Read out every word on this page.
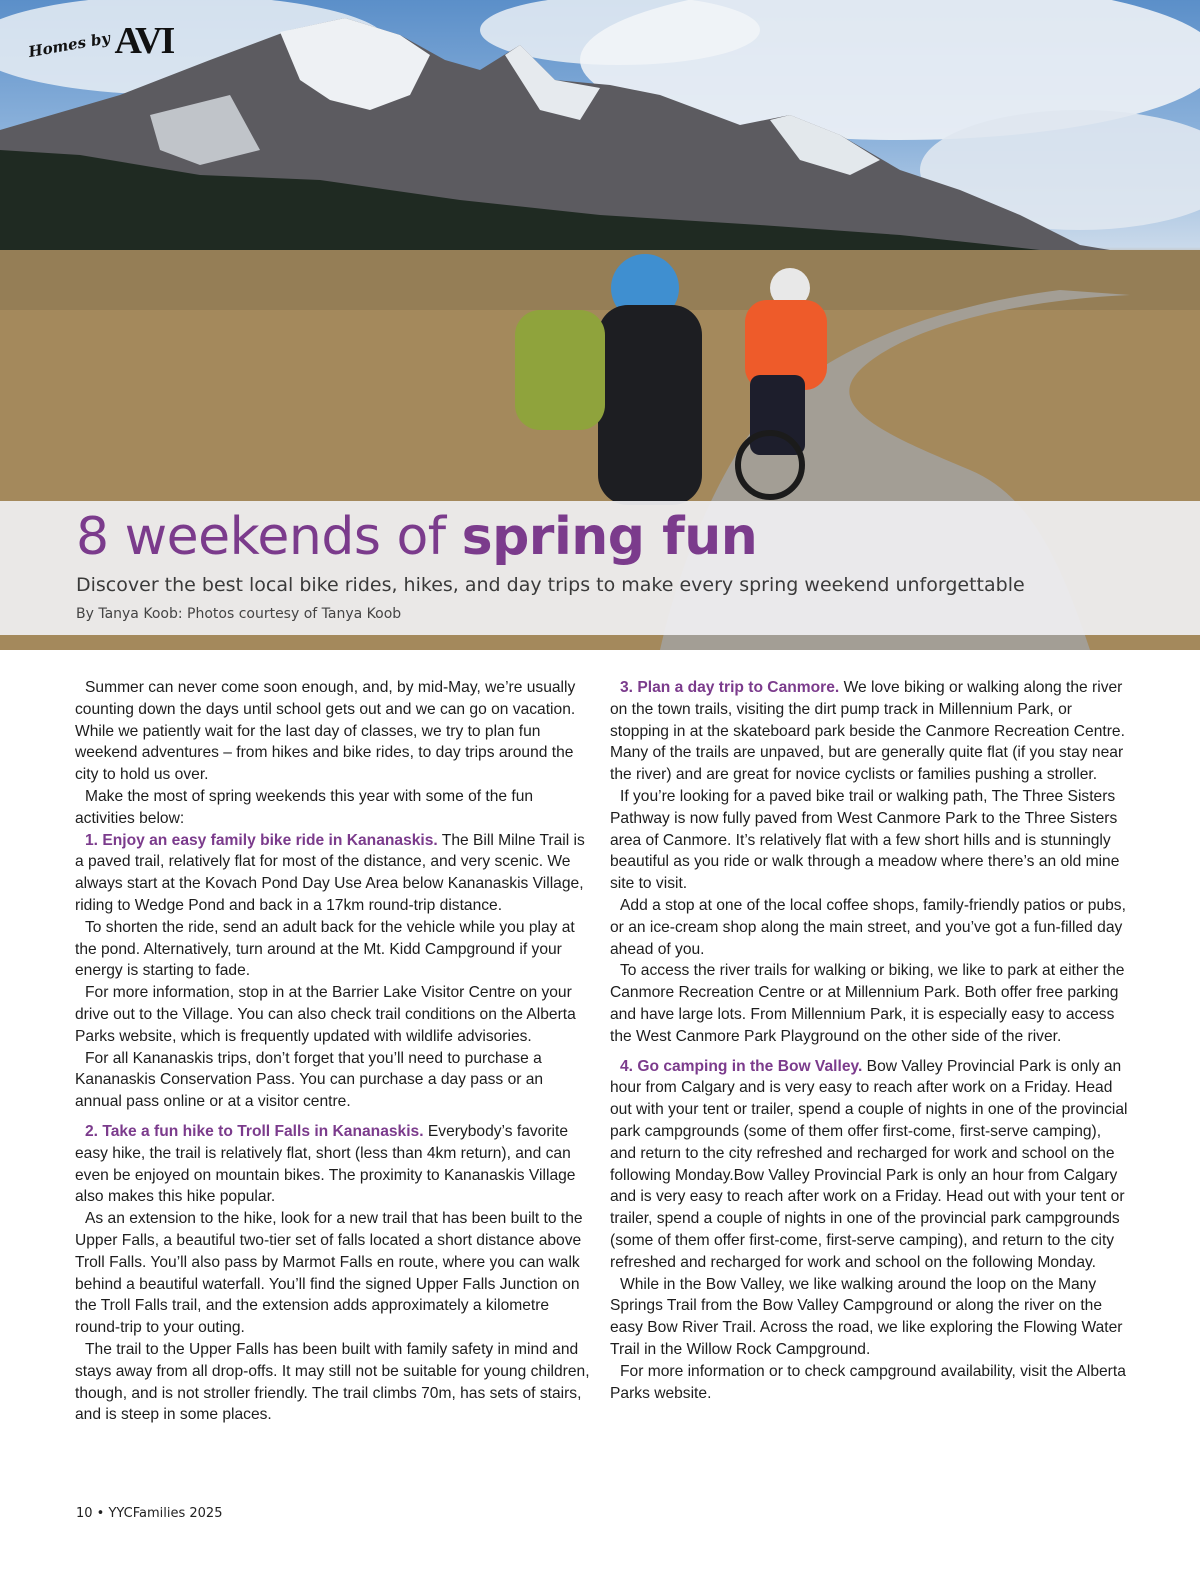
Homes by AVI
8 weekends of spring fun

Discover the best local bike rides, hikes, and day trips to make every spring weekend unforgettable

By Tanya Koob: Photos courtesy of Tanya Koob

Summer can never come soon enough, and, by mid-May, we’re usually counting down the days until school gets out and we can go on vacation. While we patiently wait for the last day of classes, we try to plan fun weekend adventures – from hikes and bike rides, to day trips around the city to hold us over.

Make the most of spring weekends this year with some of the fun activities below:

1. Enjoy an easy family bike ride in Kananaskis. The Bill Milne Trail is a paved trail, relatively flat for most of the distance, and very scenic. We always start at the Kovach Pond Day Use Area below Kananaskis Village, riding to Wedge Pond and back in a 17km round-trip distance.

To shorten the ride, send an adult back for the vehicle while you play at the pond. Alternatively, turn around at the Mt. Kidd Campground if your energy is starting to fade.

For more information, stop in at the Barrier Lake Visitor Centre on your drive out to the Village. You can also check trail conditions on the Alberta Parks website, which is frequently updated with wildlife advisories.

For all Kananaskis trips, don’t forget that you’ll need to purchase a Kananaskis Conservation Pass. You can purchase a day pass or an annual pass online or at a visitor centre.

2. Take a fun hike to Troll Falls in Kananaskis. Everybody’s favorite easy hike, the trail is relatively flat, short (less than 4km return), and can even be enjoyed on mountain bikes. The proximity to Kananaskis Village also makes this hike popular.

As an extension to the hike, look for a new trail that has been built to the Upper Falls, a beautiful two-tier set of falls located a short distance above Troll Falls. You’ll also pass by Marmot Falls en route, where you can walk behind a beautiful waterfall. You’ll find the signed Upper Falls Junction on the Troll Falls trail, and the extension adds approximately a kilometre round-trip to your outing.

The trail to the Upper Falls has been built with family safety in mind and stays away from all drop-offs. It may still not be suitable for young children, though, and is not stroller friendly. The trail climbs 70m, has sets of stairs, and is steep in some places.

3. Plan a day trip to Canmore. We love biking or walking along the river on the town trails, visiting the dirt pump track in Millennium Park, or stopping in at the skateboard park beside the Canmore Recreation Centre. Many of the trails are unpaved, but are generally quite flat (if you stay near the river) and are great for novice cyclists or families pushing a stroller.

If you’re looking for a paved bike trail or walking path, The Three Sisters Pathway is now fully paved from West Canmore Park to the Three Sisters area of Canmore. It’s relatively flat with a few short hills and is stunningly beautiful as you ride or walk through a meadow where there’s an old mine site to visit.

Add a stop at one of the local coffee shops, family-friendly patios or pubs, or an ice-cream shop along the main street, and you’ve got a fun-filled day ahead of you.

To access the river trails for walking or biking, we like to park at either the Canmore Recreation Centre or at Millennium Park. Both offer free parking and have large lots. From Millennium Park, it is especially easy to access the West Canmore Park Playground on the other side of the river.

4. Go camping in the Bow Valley. Bow Valley Provincial Park is only an hour from Calgary and is very easy to reach after work on a Friday. Head out with your tent or trailer, spend a couple of nights in one of the provincial park campgrounds (some of them offer first-come, first-serve camping), and return to the city refreshed and recharged for work and school on the following Monday.Bow Valley Provincial Park is only an hour from Calgary and is very easy to reach after work on a Friday. Head out with your tent or trailer, spend a couple of nights in one of the provincial park campgrounds (some of them offer first-come, first-serve camping), and return to the city refreshed and recharged for work and school on the following Monday.

While in the Bow Valley, we like walking around the loop on the Many Springs Trail from the Bow Valley Campground or along the river on the easy Bow River Trail. Across the road, we like exploring the Flowing Water Trail in the Willow Rock Campground.

For more information or to check campground availability, visit the Alberta Parks website.

10 • YYCFamilies 2025
